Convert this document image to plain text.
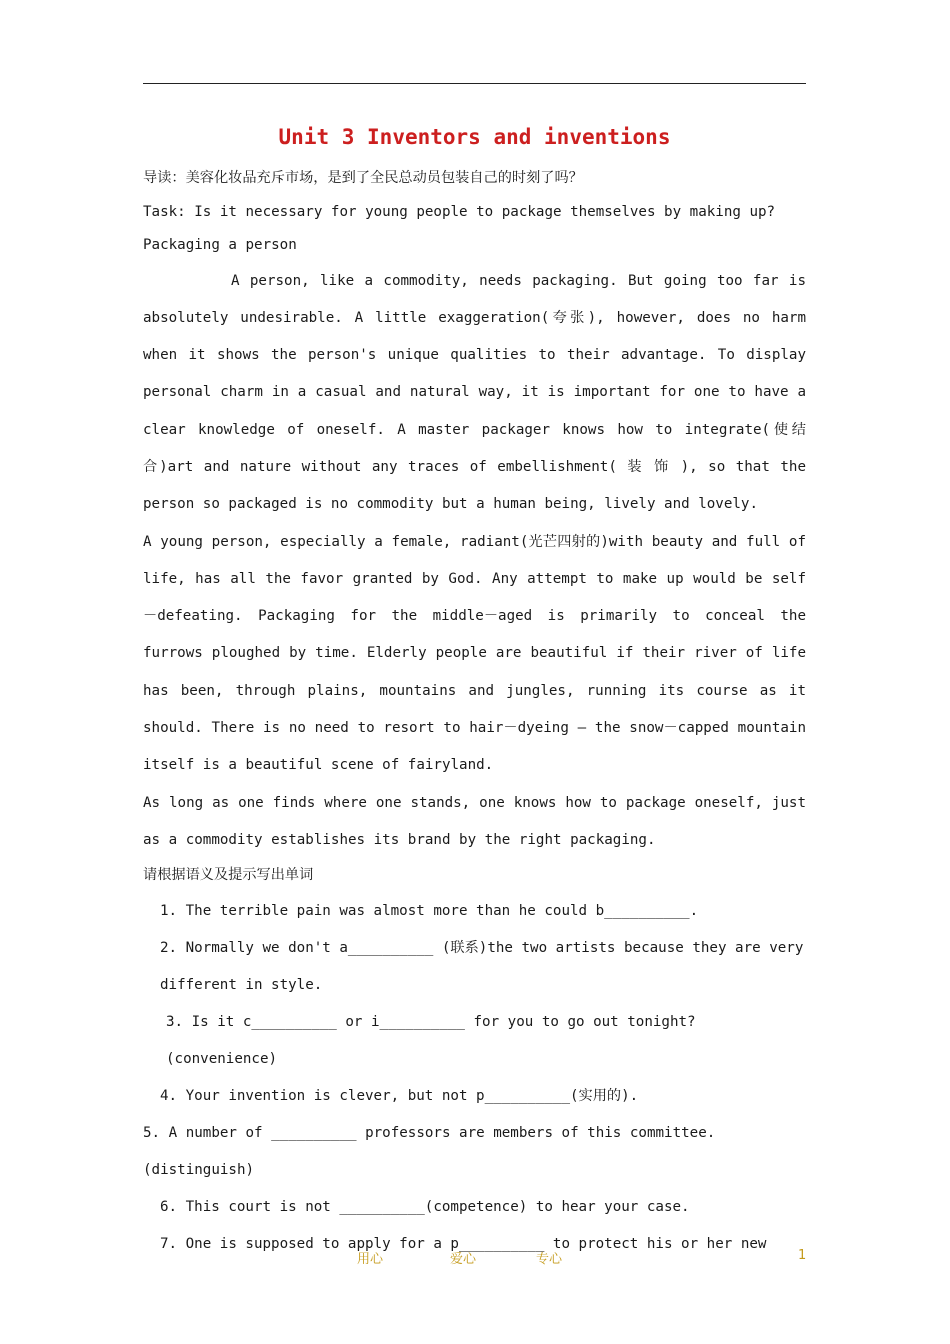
Unit 3 Inventors and inventions

导读：美容化妆品充斥市场，是到了全民总动员包装自己的时刻了吗？

Task: Is it necessary for young people to package themselves by making up?

Packaging a person

A person, like a commodity, needs packaging. But going too far is absolutely undesirable. A little exaggeration(夸张), however, does no harm when it shows the person's unique qualities to their advantage. To display personal charm in a casual and natural way, it is important for one to have a clear knowledge of oneself. A master packager knows how to integrate(使结合)art and nature without any traces of embellishment( 装 饰 ), so that the person so packaged is no commodity but a human being, lively and lovely.

A young person, especially a female, radiant(光芒四射的)with beauty and full of life, has all the favor granted by God. Any attempt to make up would be self－defeating. Packaging for the middle－aged is primarily to conceal the furrows ploughed by time. Elderly people are beautiful if their river of life has been, through plains, mountains and jungles, running its course as it should. There is no need to resort to hair－dyeing — the snow－capped mountain itself is a beautiful scene of fairyland.

As long as one finds where one stands, one knows how to package oneself, just as a commodity establishes its brand by the right packaging.

请根据语义及提示写出单词

1. The terrible pain was almost more than he could b__________.

2. Normally we don't a__________ (联系)the two artists because they are very different in style.

3. Is it c__________ or i__________ for you to go out tonight? (convenience)

4. Your invention is clever, but not p__________(实用的).

5. A number of __________ professors are members of this committee. (distinguish)

6. This court is not __________(competence) to hear your case.

7. One is supposed to apply for a p__________ to protect his or her new

用心	爱心	专心	1
